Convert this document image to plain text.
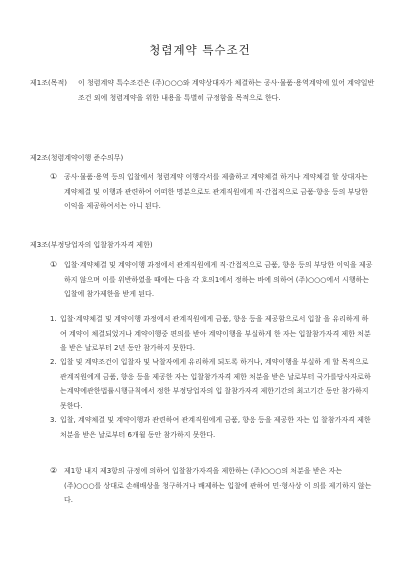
청렴계약 특수조건
제1조(목적) 이 청렴계약 특수조건은 (주)○○○와 계약상대자가 체결하는 공사·물품·용역계약에 있어 계약일반조건 외에 청렴계약을 위한 내용을 특별히 규정함을 목적으로 한다.
제2조(청렴계약이행 준수의무)
① 공사·물품·용역 등의 입찰에서 청렴계약 이행각서를 제출하고 계약체결 하거나 계약체결 할 상대자는 계약체결 및 이행과 관련하여 어떠한 명분으로도 관계직원에게 직·간접적으로 금품·향응 등의 부당한 이익을 제공하여서는 아니 된다.
제3조(부정당업자의 입찰참가자격 제한)
① 입찰·계약체결 및 계약이행 과정에서 관계직원에게 직·간접적으로 금품, 향응 등의 부당한 이익을 제공하지 않으며 이를 위반하였을 때에는 다음 각 호의1에서 정하는 바에 의하여 (주)○○○에서 시행하는 입찰에 참가제한을 받게 된다.
1. 입찰·계약체결 및 계약이행 과정에서 관계직원에게 금품, 향응 등을 제공함으로서 입찰 을 유리하게 하여 계약이 체결되었거나 계약이행중 편의를 받아 계약이행을 부실하게 한 자는 입찰참가자격 제한 처분을 받은 날로부터 2년 동안 참가하지 못한다.
2. 입찰 및 계약조건이 입찰자 및 낙찰자에게 유리하게 되도록 하거나, 계약이행을 부실하 게 할 목적으로 관계직원에게 금품, 향응 등을 제공한 자는 입찰참가자격 제한 처분을 받은 날로부터 국가를당사자로하는계약에관한법률시행규칙에서 정한 부정당업자의 입 찰참가자격 제한기간의 최고기간 동안 참가하지 못한다.
3. 입찰, 계약체결 및 계약이행과 관련하여 관계직원에게 금품, 향응 등을 제공한 자는 입 찰참가자격 제한 처분을 받은 날로부터 6개월 동안 참가하지 못한다.
② 제1항 내지 제3항의 규정에 의하여 입찰참가자격을 제한하는 (주)○○○의 처분을 받은 자는 (주)○○○를 상대로 손해배상을 청구하거나 배제하는 입찰에 관하여 민·형사상 이 의를 제기하지 않는다.
